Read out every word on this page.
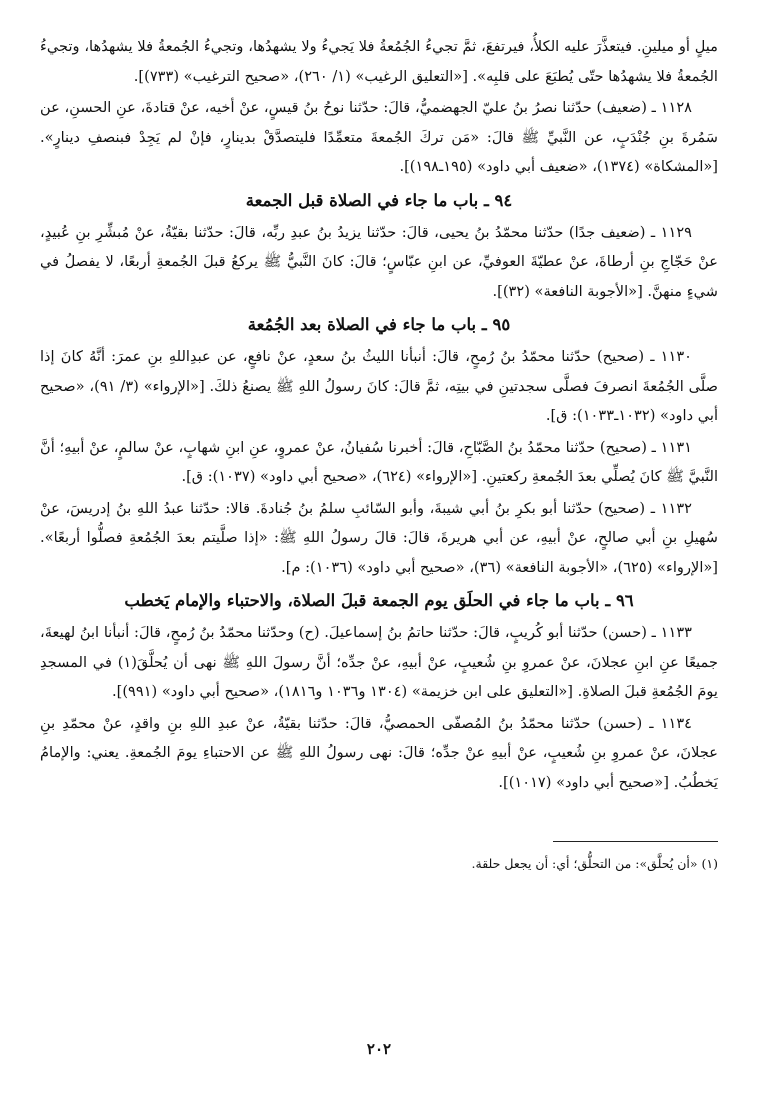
ميلٍ أو ميلينِ. فيتعذَّرَ عليه الكلأُ، فيرتفعَ، ثمَّ تجيءُ الجُمُعةُ فلا يَجيءُ ولا يشهدُها، وتجيءُ الجُمعةُ فلا يشهدُها، وتجيءُ الجُمعةُ فلا يشهدُها حتّى يُطبَعَ على قلبِه». [«التعليق الرغيب» (١/ ٢٦٠)، «صحيح الترغيب» (٧٣٣)].

١١٢٨ ـ (ضعيف) حدّثنا نصرُ بنُ عليّ الجهضميُّ، قالَ: حدّثنا نوحُ بنُ قيسٍ، عنْ أخيه، عنْ قتادةَ، عنِ الحسنِ، عن سَمُرةَ بنِ جُنْدَبٍ، عن النَّبيِّ ﷺ قالَ: «مَن تركَ الجُمعةَ متعمِّدًا فليتصدَّقْ بدينارٍ، فإنْ لم يَجِدْ فبنصفِ دينارٍ». [«المشكاة» (١٣٧٤)، «ضعيف أبي داود» (١٩٥ـ١٩٨)].

٩٤ ـ باب ما جاء في الصلاة قبل الجمعة

١١٢٩ ـ (ضعيف جدًا) حدّثنا محمّدُ بنُ يحيى، قالَ: حدّثنا يزيدُ بنُ عبدِ ربِّه، قالَ: حدّثنا بقيّةُ، عنْ مُبشِّرِ بنِ عُبيدٍ، عنْ حَجّاجِ بنِ أرطاةَ، عنْ عطيّةَ العوفيِّ، عن ابنِ عبّاسٍ؛ قالَ: كانَ النَّبيُّ ﷺ يركعُ قبلَ الجُمعةِ أربعًا، لا يفصلُ في شيءٍ منهنَّ. [«الأجوبة النافعة» (٣٢)].

٩٥ ـ باب ما جاء في الصلاة بعد الجُمُعة

١١٣٠ ـ (صحيح) حدّثنا محمّدُ بنُ رُمحٍ، قالَ: أنبأنا الليثُ بنُ سعدٍ، عنْ نافعٍ، عن عبدِاللهِ بنِ عمرَ: أنَّهُ كانَ إذا صلَّى الجُمُعةَ انصرفَ فصلَّى سجدتينِ في بيتِه، ثمَّ قالَ: كانَ رسولُ اللهِ ﷺ يصنعُ ذلكَ. [«الإرواء» (٣/ ٩١)، «صحيح أبي داود» (١٠٣٢ـ١٠٣٣): ق].

١١٣١ ـ (صحيح) حدّثنا محمّدُ بنُ الصَّبّاحِ، قالَ: أخبرنا سُفيانُ، عنْ عمروٍ، عنِ ابنِ شهابٍ، عنْ سالمٍ، عنْ أبيهِ؛ أنَّ النَّبيَّ ﷺ كانَ يُصلِّي بعدَ الجُمعةِ ركعتينِ. [«الإرواء» (٦٢٤)، «صحيح أبي داود» (١٠٣٧): ق].

١١٣٢ ـ (صحيح) حدّثنا أبو بكرِ بنُ أبي شيبةَ، وأبو السّائبِ سلمُ بنُ جُنادةَ. قالا: حدّثنا عبدُ اللهِ بنُ إدريسَ، عنْ سُهيلِ بنِ أبي صالحٍ، عنْ أبيهِ، عن أبي هريرةَ، قالَ: قالَ رسولُ اللهِ ﷺ: «إذا صلَّيتم بعدَ الجُمُعةِ فصلُّوا أربعًا». [«الإرواء» (٦٢٥)، «الأجوبة النافعة» (٣٦)، «صحيح أبي داود» (١٠٣٦): م].

٩٦ ـ باب ما جاء في الحلَق يوم الجمعة قبلَ الصلاة، والاحتباء والإمام يَخطب

١١٣٣ ـ (حسن) حدّثنا أبو كُريبٍ، قالَ: حدّثنا حاتمُ بنُ إسماعيلَ. (ح) وحدّثنا محمّدُ بنُ رُمحٍ، قالَ: أنبأنا ابنُ لهيعةَ، جميعًا عنِ ابنِ عجلانَ، عنْ عمروِ بنِ شُعيبٍ، عنْ أبيهِ، عنْ جدِّه؛ أنَّ رسولَ اللهِ ﷺ نهى أن يُحلَّقَ(١) في المسجدِ يومَ الجُمُعةِ قبلَ الصلاةِ. [«التعليق على ابن خزيمة» (١٣٠٤ و١٠٣٦ و١٨١٦)، «صحيح أبي داود» (٩٩١)].

١١٣٤ ـ (حسن) حدّثنا محمّدُ بنُ المُصفّى الحمصيُّ، قالَ: حدّثنا بقيّةُ، عنْ عبدِ اللهِ بنِ واقدٍ، عنْ محمّدِ بنِ عجلانَ، عنْ عمروِ بنِ شُعيبٍ، عنْ أبيهِ عنْ جدِّه؛ قالَ: نهى رسولُ اللهِ ﷺ عن الاحتباءِ يومَ الجُمعةِ. يعني: والإمامُ يَخطُبُ. [«صحيح أبي داود» (١٠١٧)].

(١) «أن يُحلَّق»: من التحلُّق؛ أي: أن يجعل حلقة.

٢٠٢
